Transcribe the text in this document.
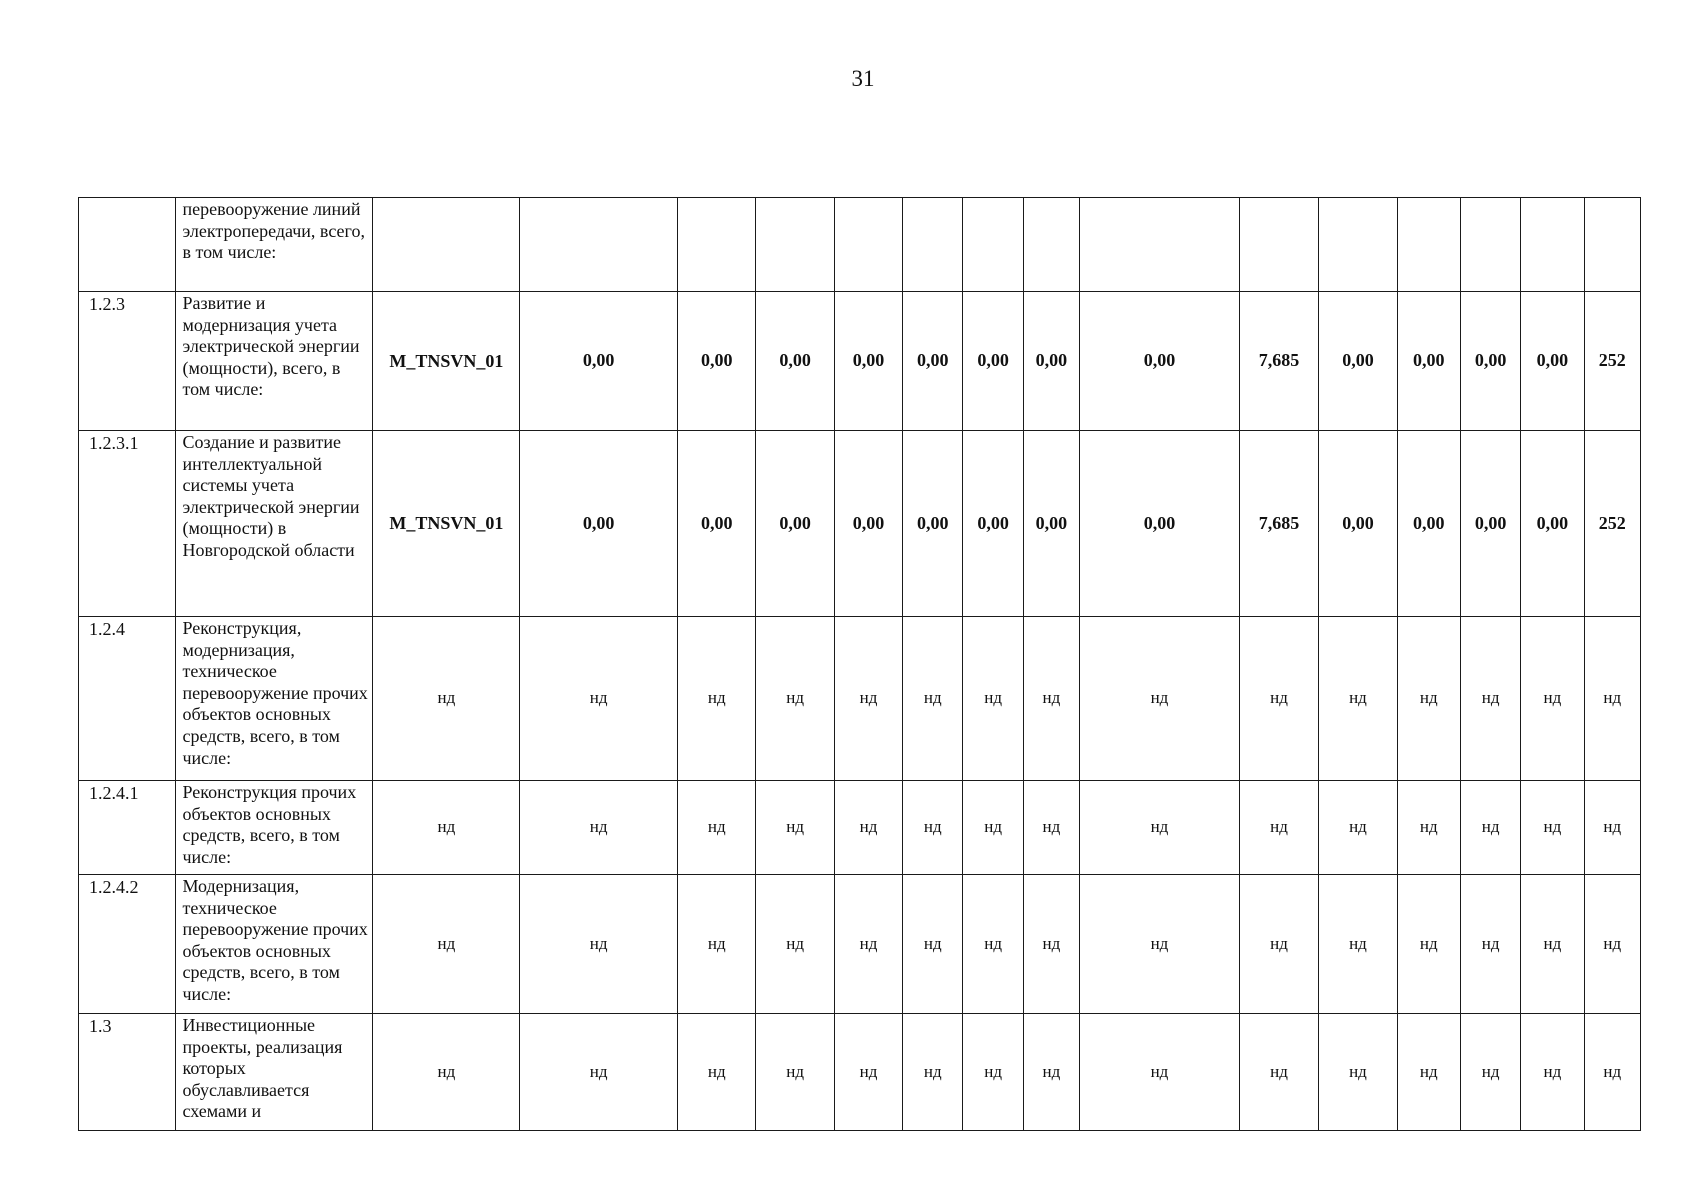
31
	перевооружение линий электропередачи, всего, в том числе:															
1.2.3	Развитие и модернизация учета электрической энергии (мощности), всего, в том числе:	M_TNSVN_01	0,00	0,00	0,00	0,00	0,00	0,00	0,00	0,00	7,685	0,00	0,00	0,00	0,00	252
1.2.3.1	Создание и развитие интеллектуальной системы учета электрической энергии (мощности) в Новгородской области	M_TNSVN_01	0,00	0,00	0,00	0,00	0,00	0,00	0,00	0,00	7,685	0,00	0,00	0,00	0,00	252
1.2.4	Реконструкция, модернизация, техническое перевооружение прочих объектов основных средств, всего, в том числе:	нд	нд	нд	нд	нд	нд	нд	нд	нд	нд	нд	нд	нд	нд	нд
1.2.4.1	Реконструкция прочих объектов основных средств, всего, в том числе:	нд	нд	нд	нд	нд	нд	нд	нд	нд	нд	нд	нд	нд	нд	нд
1.2.4.2	Модернизация, техническое перевооружение прочих объектов основных средств, всего, в том числе:	нд	нд	нд	нд	нд	нд	нд	нд	нд	нд	нд	нд	нд	нд	нд
1.3	Инвестиционные проекты, реализация которых обуславливается схемами и	нд	нд	нд	нд	нд	нд	нд	нд	нд	нд	нд	нд	нд	нд	нд
